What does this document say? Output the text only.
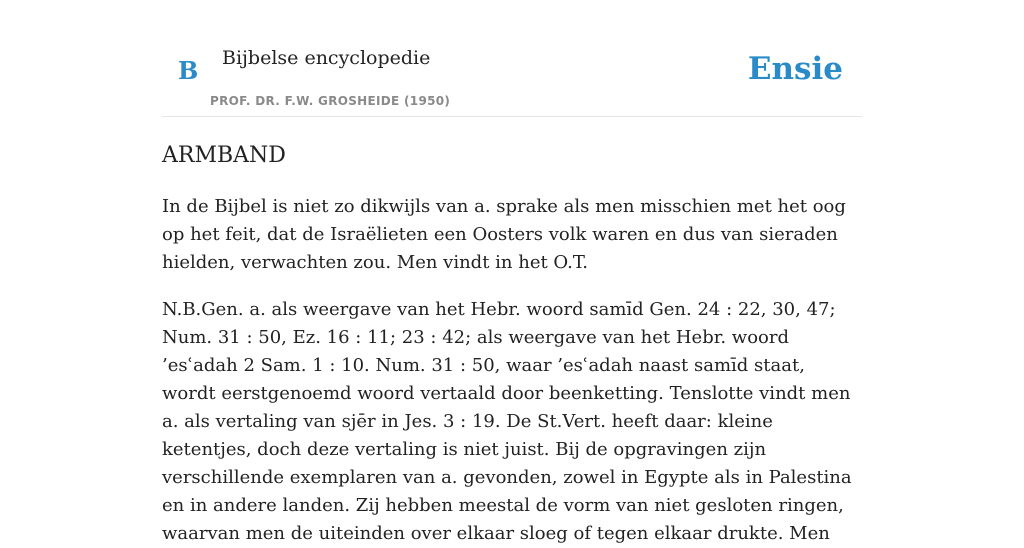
B Bijbelse encyclopedie
PROF. DR. F.W. GROSHEIDE (1950)
Ensie
ARMBAND

In de Bijbel is niet zo dikwijls van a. sprake als men misschien met het oog op het feit, dat de Israëlieten een Oosters volk waren en dus van sieraden hielden, verwachten zou. Men vindt in het O.T.

N.B.Gen. a. als weergave van het Hebr. woord samīd Gen. 24 : 22, 30, 47; Num. 31 : 50, Ez. 16 : 11; 23 : 42; als weergave van het Hebr. woord ’esʿadah 2 Sam. 1 : 10. Num. 31 : 50, waar ’esʿadah naast samīd staat, wordt eerstgenoemd woord vertaald door beenketting. Tenslotte vindt men a. als vertaling van sjēr in Jes. 3 : 19. De St.Vert. heeft daar: kleine ketentjes, doch deze vertaling is niet juist. Bij de opgravingen zijn verschillende exemplaren van a. gevonden, zowel in Egypte als in Palestina en in andere landen. Zij hebben meestal de vorm van niet gesloten ringen, waarvan men de uiteinden over elkaar sloeg of tegen elkaar drukte. Men
